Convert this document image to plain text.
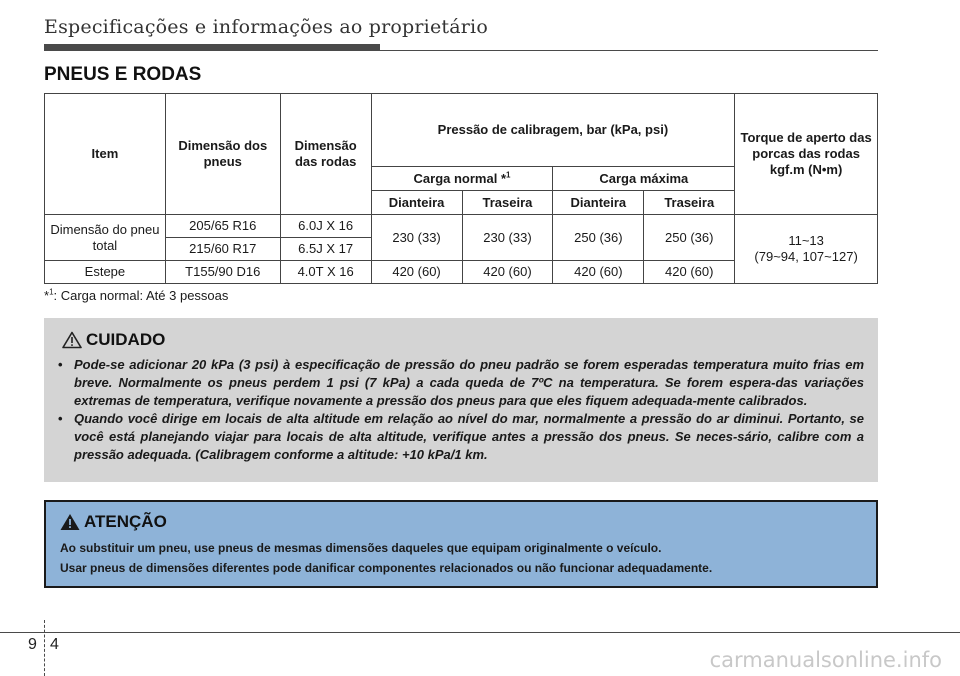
Especificações e informações ao proprietário
PNEUS E RODAS
Item	Dimensão dos pneus	Dimensão das rodas	Pressão de calibragem, bar (kPa, psi)				Torque de aperto das porcas das rodas kgf.m (N•m)
			Carga normal *$^1$		Carga máxima		
			Dianteira	Traseira	Dianteira	Traseira	
Dimensão do pneu total	205/65 R16	6.0J X 16	230 (33)	230 (33)	250 (36)	250 (36)	11~13
(79~94, 107~127)

	215/60 R17	6.5J X 17					
Estepe	T155/90 D16	4.0T X 16	420 (60)	420 (60)	420 (60)	420 (60)	
*$^1$: Carga normal: Até 3 pessoas
CUIDADO
• Pode-se adicionar 20 kPa (3 psi) à especificação de pressão do pneu padrão se forem esperadas temperatura muito frias em breve. Normalmente os pneus perdem 1 psi (7 kPa) a cada queda de 7ºC na temperatura. Se forem espera-das variações extremas de temperatura, verifique novamente a pressão dos pneus para que eles fiquem adequada-mente calibrados.
• Quando você dirige em locais de alta altitude em relação ao nível do mar, normalmente a pressão do ar diminui. Portanto, se você está planejando viajar para locais de alta altitude, verifique antes a pressão dos pneus. Se neces-sário, calibre com a pressão adequada. (Calibragem conforme a altitude: +10 kPa/1 km.
ATENÇÃO
Ao substituir um pneu, use pneus de mesmas dimensões daqueles que equipam originalmente o veículo.
Usar pneus de dimensões diferentes pode danificar componentes relacionados ou não funcionar adequadamente.
9 4
carmanualsonline.info
